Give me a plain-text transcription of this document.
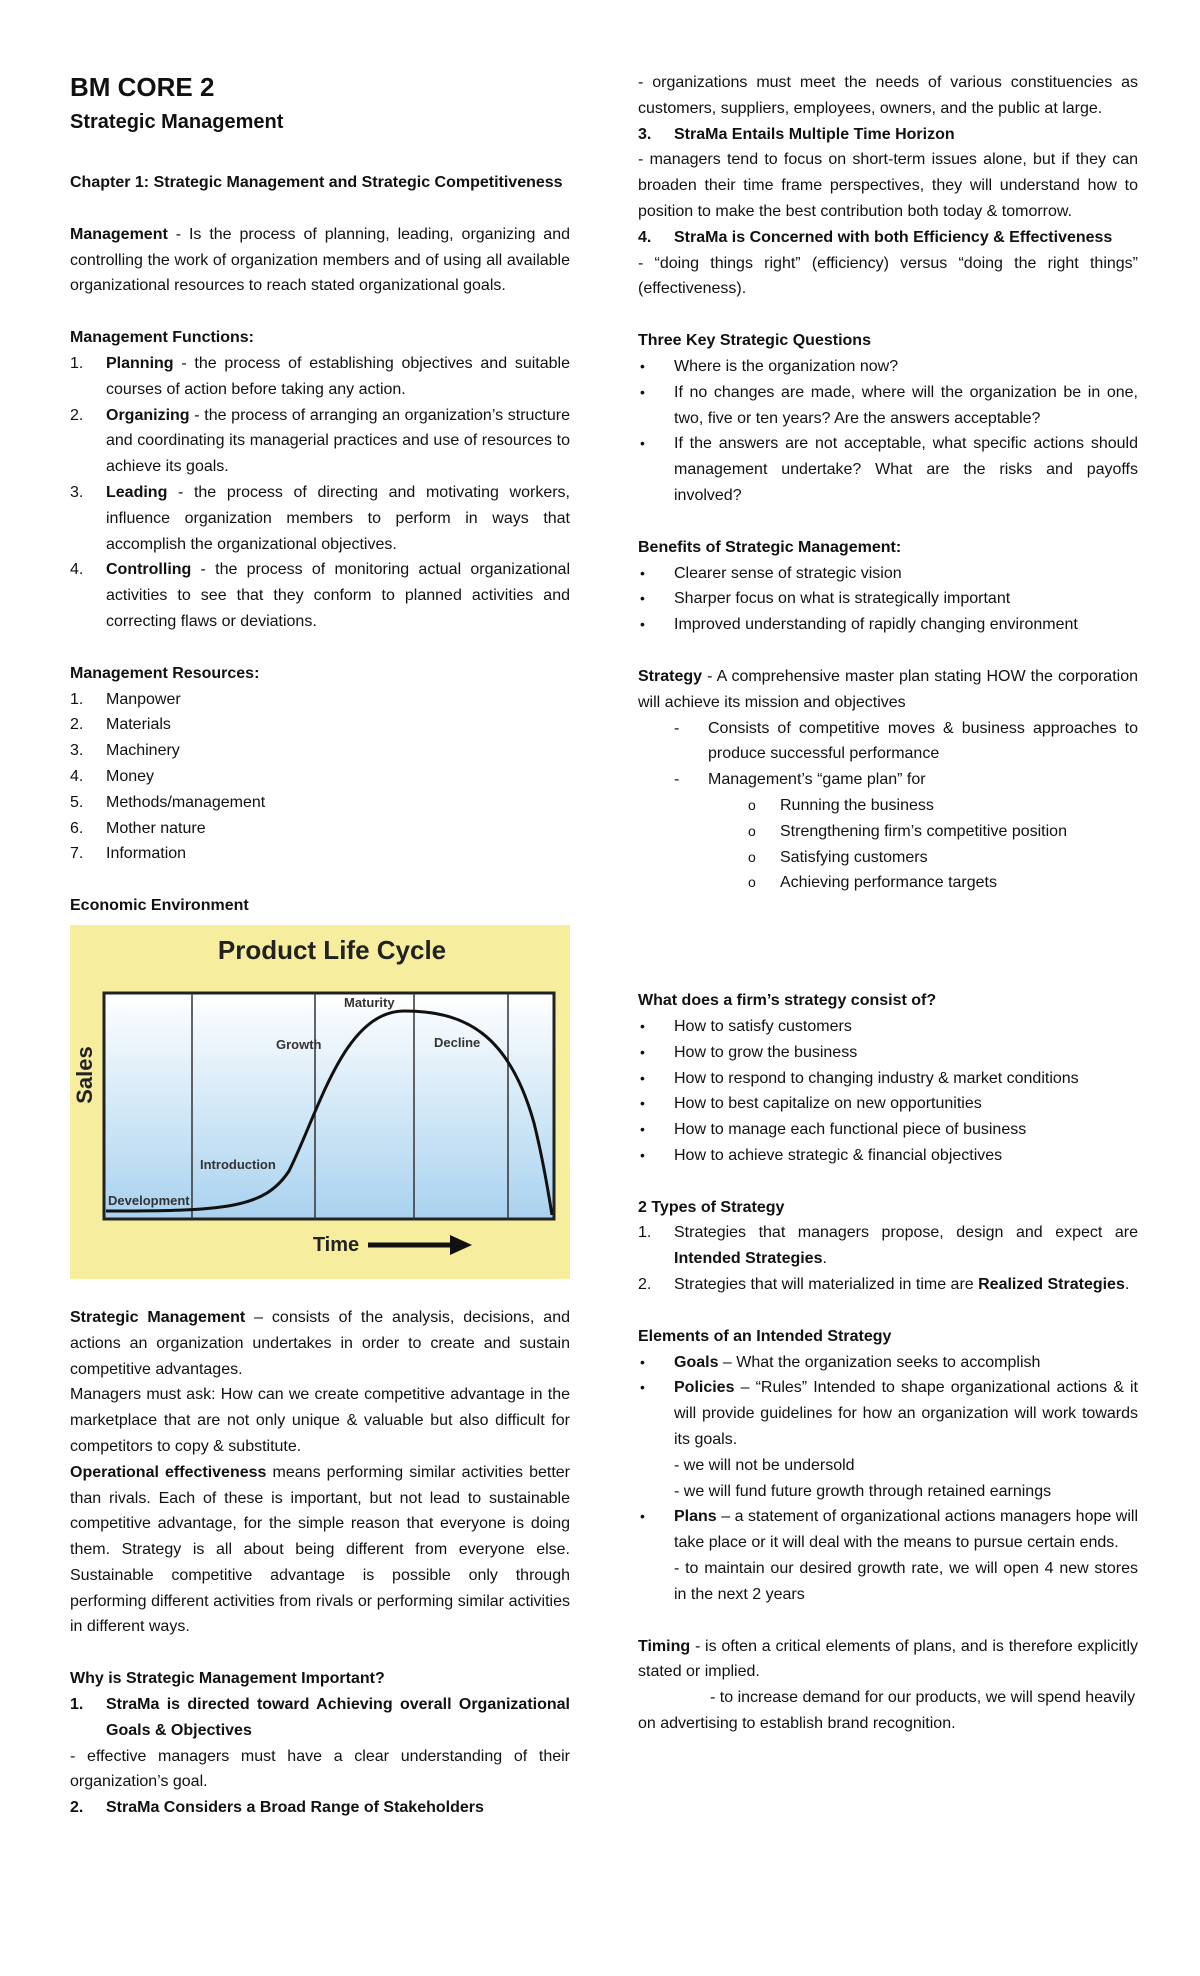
BM CORE 2
Strategic Management

Chapter 1: Strategic Management and Strategic Competitiveness

Management - Is the process of planning, leading, organizing and controlling the work of organization members and of using all available organizational resources to reach stated organizational goals.

Management Functions:

1.	Planning - the process of establishing objectives and suitable courses of action before taking any action.
2.	Organizing - the process of arranging an organization’s structure and coordinating its managerial practices and use of resources to achieve its goals.
3.	Leading - the process of directing and motivating workers, influence organization members to perform in ways that accomplish the organizational objectives.
4.	Controlling - the process of monitoring actual organizational activities to see that they conform to planned activities and correcting flaws or deviations.

Management Resources:

1.	Manpower
2.	Materials
3.	Machinery
4.	Money
5.	Methods/management
6.	Mother nature
7.	Information

Economic Environment

Product Life Cycle
Development
Introduction
Growth
Maturity
Decline
Sales
Time

Strategic Management – consists of the analysis, decisions, and actions an organization undertakes in order to create and sustain competitive advantages.

Managers must ask: How can we create competitive advantage in the marketplace that are not only unique & valuable but also difficult for competitors to copy & substitute.

Operational effectiveness means performing similar activities better than rivals. Each of these is important, but not lead to sustainable competitive advantage, for the simple reason that everyone is doing them. Strategy is all about being different from everyone else. Sustainable competitive advantage is possible only through performing different activities from rivals or performing similar activities in different ways.

Why is Strategic Management Important?

1.	StraMa is directed toward Achieving overall Organizational Goals & Objectives

- effective managers must have a clear understanding of their organization’s goal.

2.	StraMa Considers a Broad Range of Stakeholders

- organizations must meet the needs of various constituencies as customers, suppliers, employees, owners, and the public at large.

3.	StraMa Entails Multiple Time Horizon

- managers tend to focus on short-term issues alone, but if they can broaden their time frame perspectives, they will understand how to position to make the best contribution both today & tomorrow.

4.	StraMa is Concerned with both Efficiency & Effectiveness

- “doing things right” (efficiency) versus “doing the right things” (effectiveness).

Three Key Strategic Questions

•	Where is the organization now?
•	If no changes are made, where will the organization be in one, two, five or ten years? Are the answers acceptable?
•	If the answers are not acceptable, what specific actions should management undertake? What are the risks and payoffs involved?

Benefits of Strategic Management:

•	Clearer sense of strategic vision
•	Sharper focus on what is strategically important
•	Improved understanding of rapidly changing environment

Strategy - A comprehensive master plan stating HOW the corporation will achieve its mission and objectives

- Consists of competitive moves & business approaches to produce successful performance
- Management’s “game plan” for
o Running the business
o Strengthening firm’s competitive position
o Satisfying customers
o Achieving performance targets

What does a firm’s strategy consist of?

•	How to satisfy customers
•	How to grow the business
•	How to respond to changing industry & market conditions
•	How to best capitalize on new opportunities
•	How to manage each functional piece of business
•	How to achieve strategic & financial objectives

2 Types of Strategy

1.	Strategies that managers propose, design and expect are Intended Strategies.
2.	Strategies that will materialized in time are Realized Strategies.

Elements of an Intended Strategy

•	Goals – What the organization seeks to accomplish
•	Policies – “Rules” Intended to shape organizational actions & it will provide guidelines for how an organization will work towards its goals.

- we will not be undersold

- we will fund future growth through retained earnings

•	Plans – a statement of organizational actions managers hope will take place or it will deal with the means to pursue certain ends.

- to maintain our desired growth rate, we will open 4 new stores in the next 2 years

Timing - is often a critical elements of plans, and is therefore explicitly stated or implied.

- to increase demand for our products, we will spend heavily on advertising to establish brand recognition.
